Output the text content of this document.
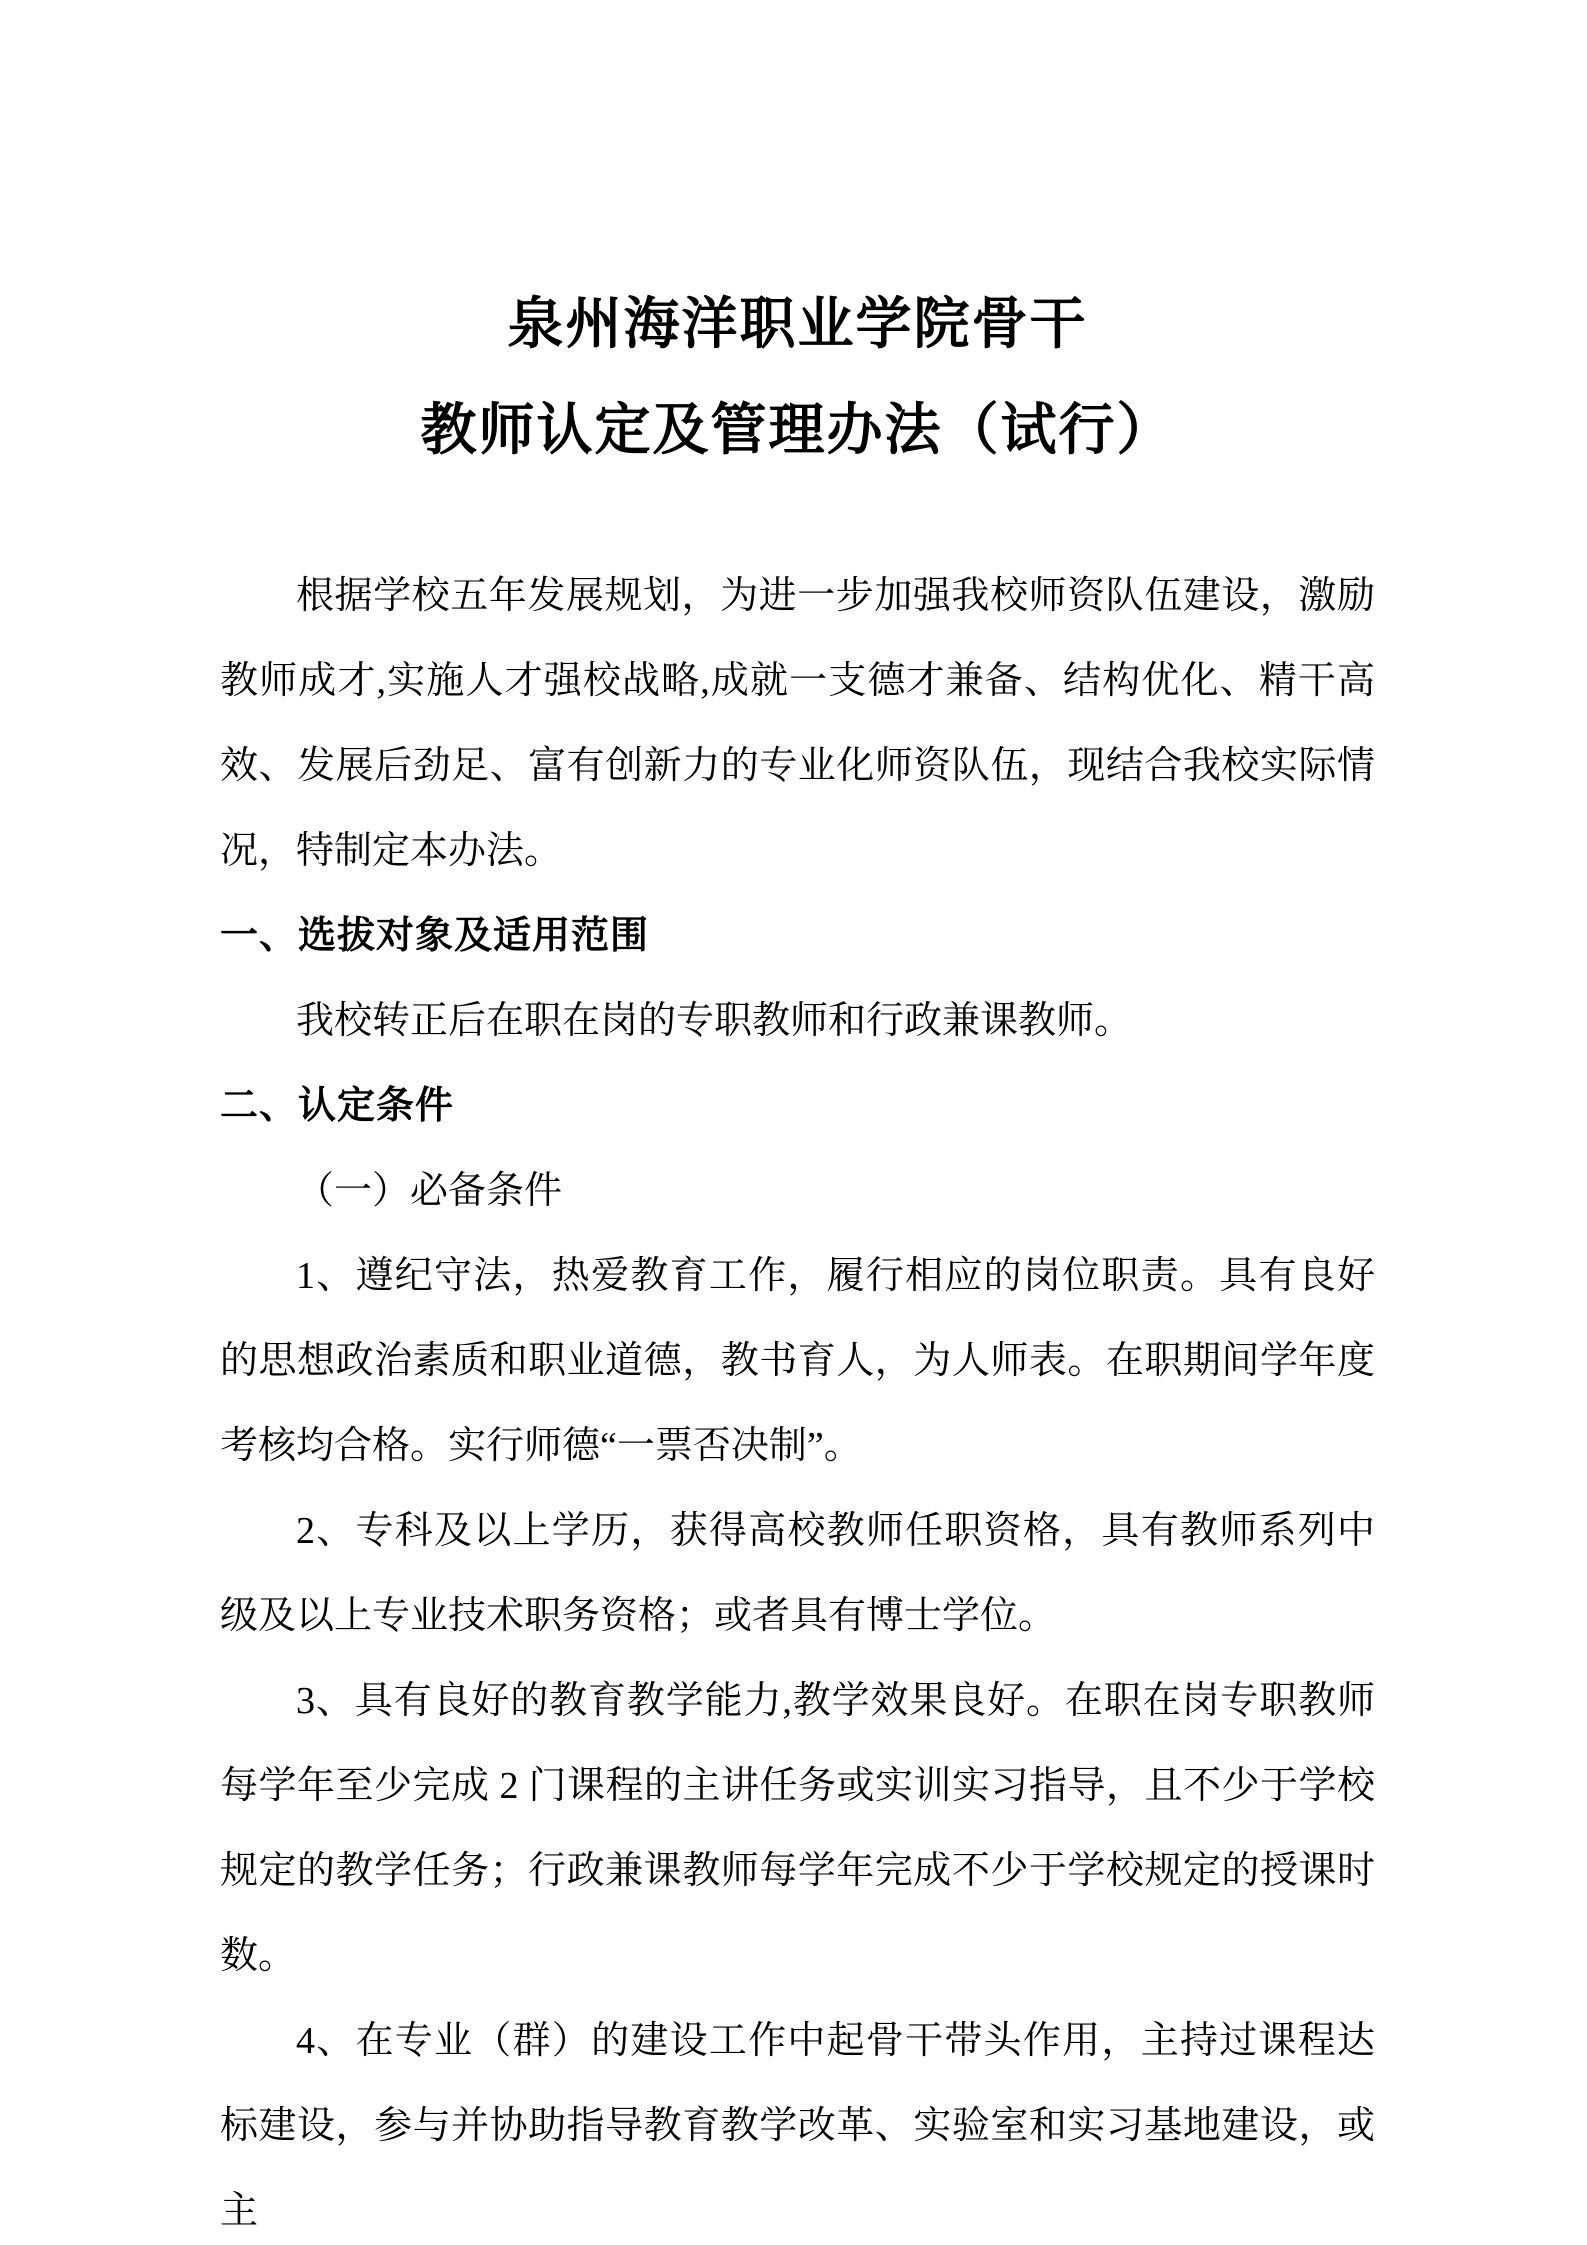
泉州海洋职业学院骨干
教师认定及管理办法（试行）

根据学校五年发展规划，为进一步加强我校师资队伍建设，激励教师成才,实施人才强校战略,成就一支德才兼备、结构优化、精干高效、发展后劲足、富有创新力的专业化师资队伍，现结合我校实际情况，特制定本办法。

一、选拔对象及适用范围

我校转正后在职在岗的专职教师和行政兼课教师。

二、认定条件

（一）必备条件

1、遵纪守法，热爱教育工作，履行相应的岗位职责。具有良好的思想政治素质和职业道德，教书育人，为人师表。在职期间学年度考核均合格。实行师德“一票否决制”。

2、专科及以上学历，获得高校教师任职资格，具有教师系列中级及以上专业技术职务资格；或者具有博士学位。

3、具有良好的教育教学能力,教学效果良好。在职在岗专职教师每学年至少完成 2 门课程的主讲任务或实训实习指导，且不少于学校规定的教学任务；行政兼课教师每学年完成不少于学校规定的授课时数。

4、在专业（群）的建设工作中起骨干带头作用，主持过课程达标建设，参与并协助指导教育教学改革、实验室和实习基地建设，或主
